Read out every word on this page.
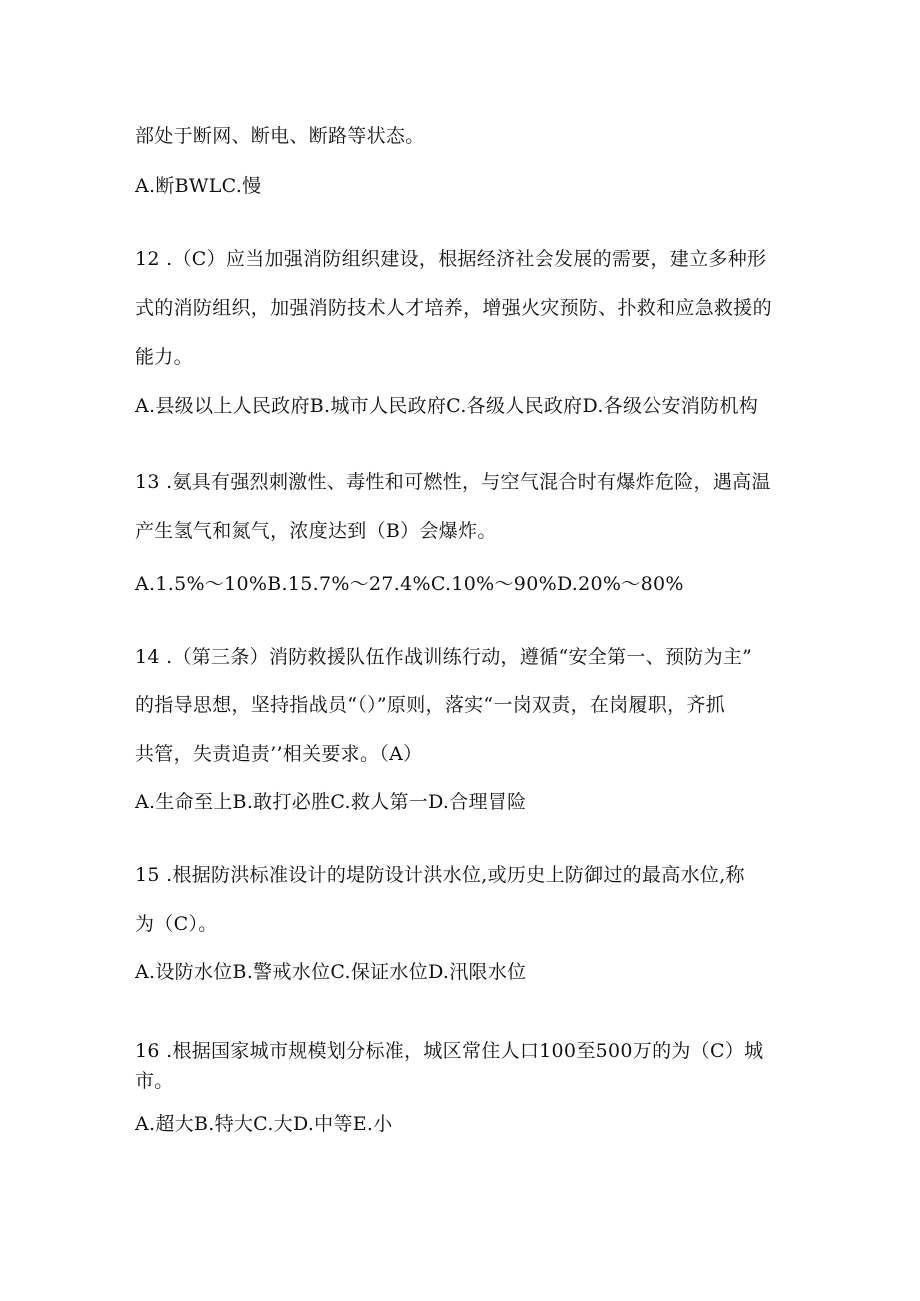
部处于断网、断电、断路等状态。
A.断BWLC.慢
12 .（C）应当加强消防组织建设，根据经济社会发展的需要，建立多种形
式的消防组织，加强消防技术人才培养，增强火灾预防、扑救和应急救援的
能力。
A.县级以上人民政府B.城市人民政府C.各级人民政府D.各级公安消防机构
13 .氨具有强烈刺激性、毒性和可燃性，与空气混合时有爆炸危险，遇高温
产生氢气和氮气，浓度达到（B）会爆炸。
A.1.5%～10%B.15.7%～27.4%C.10%～90%D.20%～80%
14 .（第三条）消防救援队伍作战训练行动，遵循“安全第一、预防为主”
的指导思想，坚持指战员“（）”原则，落实“一岗双责，在岗履职，齐抓
共管，失责追责’’相关要求。（A）
A.生命至上B.敢打必胜C.救人第一D.合理冒险
15 .根据防洪标准设计的堤防设计洪水位,或历史上防御过的最高水位,称
为（C）。
A.设防水位B.警戒水位C.保证水位D.汛限水位
16 .根据国家城市规模划分标准，城区常住人口100至500万的为（C）城
市。
A.超大B.特大C.大D.中等E.小
